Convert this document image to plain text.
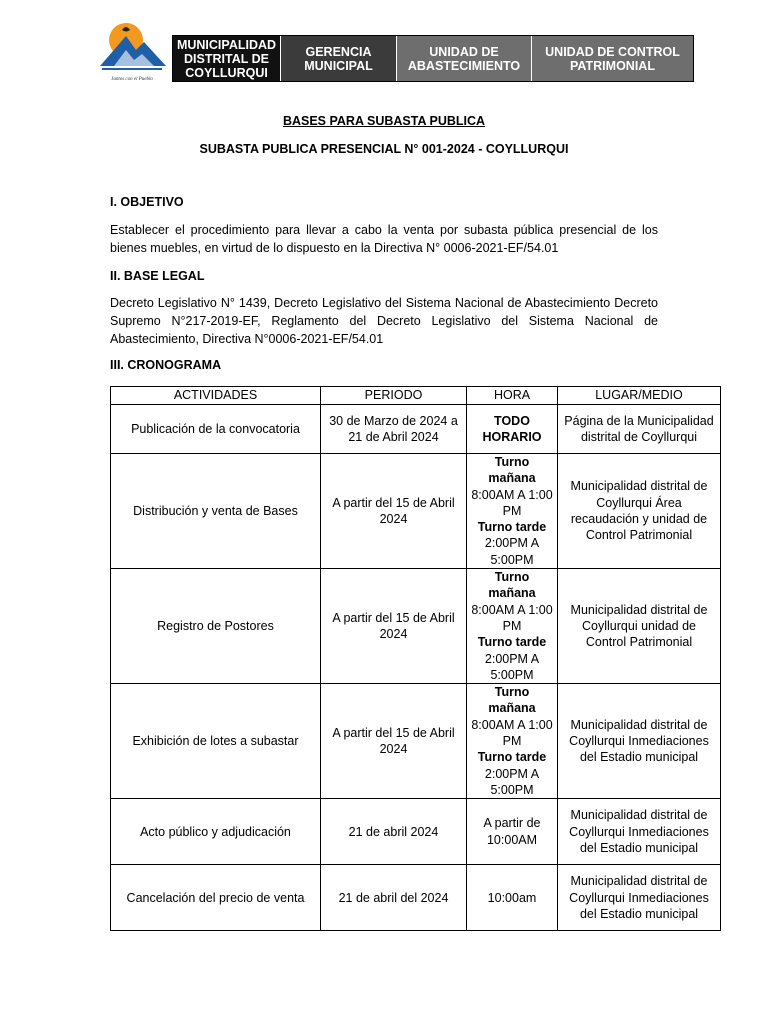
Juntos con el Pueblo
MUNICIPALIDAD DISTRITAL DE COYLLURQUI
GERENCIA MUNICIPAL
UNIDAD DE ABASTECIMIENTO
UNIDAD DE CONTROL PATRIMONIAL
BASES PARA SUBASTA PUBLICA
SUBASTA PUBLICA PRESENCIAL N° 001-2024 - COYLLURQUI
I. OBJETIVO
Establecer el procedimiento para llevar a cabo la venta por subasta pública presencial de los bienes muebles, en virtud de lo dispuesto en la Directiva N° 0006-2021-EF/54.01
II. BASE LEGAL
Decreto Legislativo N° 1439, Decreto Legislativo del Sistema Nacional de Abastecimiento Decreto Supremo N°217-2019-EF, Reglamento del Decreto Legislativo del Sistema Nacional de Abastecimiento, Directiva N°0006-2021-EF/54.01
III. CRONOGRAMA
ACTIVIDADES	PERIODO	HORA	LUGAR/MEDIO
Publicación de la convocatoria	30 de Marzo de 2024 a 21 de Abril 2024	TODO HORARIO	Página de la Municipalidad distrital de Coyllurqui
Distribución y venta de Bases	A partir del 15 de Abril 2024	Turno mañana
8:00AM A 1:00 PM
Turno tarde
2:00PM A 5:00PM	Municipalidad distrital de Coyllurqui Área recaudación y unidad de Control Patrimonial
Registro de Postores	A partir del 15 de Abril 2024	Turno mañana
8:00AM A 1:00 PM
Turno tarde
2:00PM A 5:00PM	Municipalidad distrital de Coyllurqui unidad de Control Patrimonial
Exhibición de lotes a subastar	A partir del 15 de Abril 2024	Turno mañana
8:00AM A 1:00 PM
Turno tarde
2:00PM A 5:00PM	Municipalidad distrital de Coyllurqui Inmediaciones del Estadio municipal
Acto público y adjudicación	21 de abril 2024	A partir de 10:00AM	Municipalidad distrital de Coyllurqui Inmediaciones del Estadio municipal
Cancelación del precio de venta	21 de abril del 2024	10:00am	Municipalidad distrital de Coyllurqui Inmediaciones del Estadio municipal
